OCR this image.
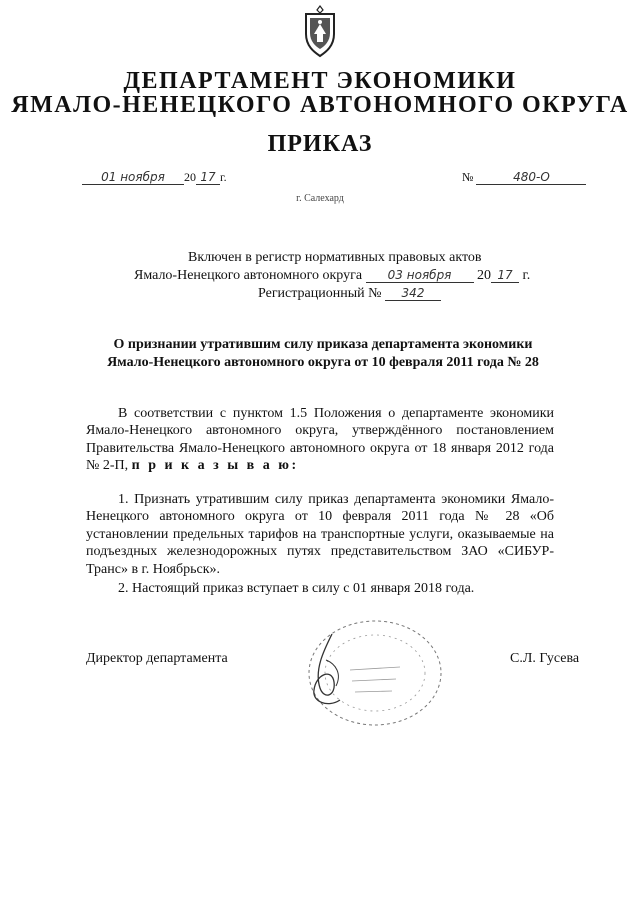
ДЕПАРТАМЕНТ ЭКОНОМИКИ
ЯМАЛО-НЕНЕЦКОГО АВТОНОМНОГО ОКРУГА
ПРИКАЗ
01 ноября 20 17 г.	№	480-О
г. Салехард
Включен в регистр нормативных правовых актов
Ямало-Ненецкого автономного округа 03 ноября 20 17 г.
Регистрационный № 342
О признании утратившим силу приказа департамента экономики Ямало-Ненецкого автономного округа от 10 февраля 2011 года № 28
В соответствии с пунктом 1.5 Положения о департаменте экономики Ямало-Ненецкого автономного округа, утверждённого постановлением Правительства Ямало-Ненецкого автономного округа от 18 января 2012 года № 2-П, п р и к а з ы в а ю:
1. Признать утратившим силу приказ департамента экономики Ямало-Ненецкого автономного округа от 10 февраля 2011 года № 28 «Об установлении предельных тарифов на транспортные услуги, оказываемые на подъездных железнодорожных путях представительством ЗАО «СИБУР-Транс» в г. Ноябрьск».
2. Настоящий приказ вступает в силу с 01 января 2018 года.
Директор департамента	С.Л. Гусева
